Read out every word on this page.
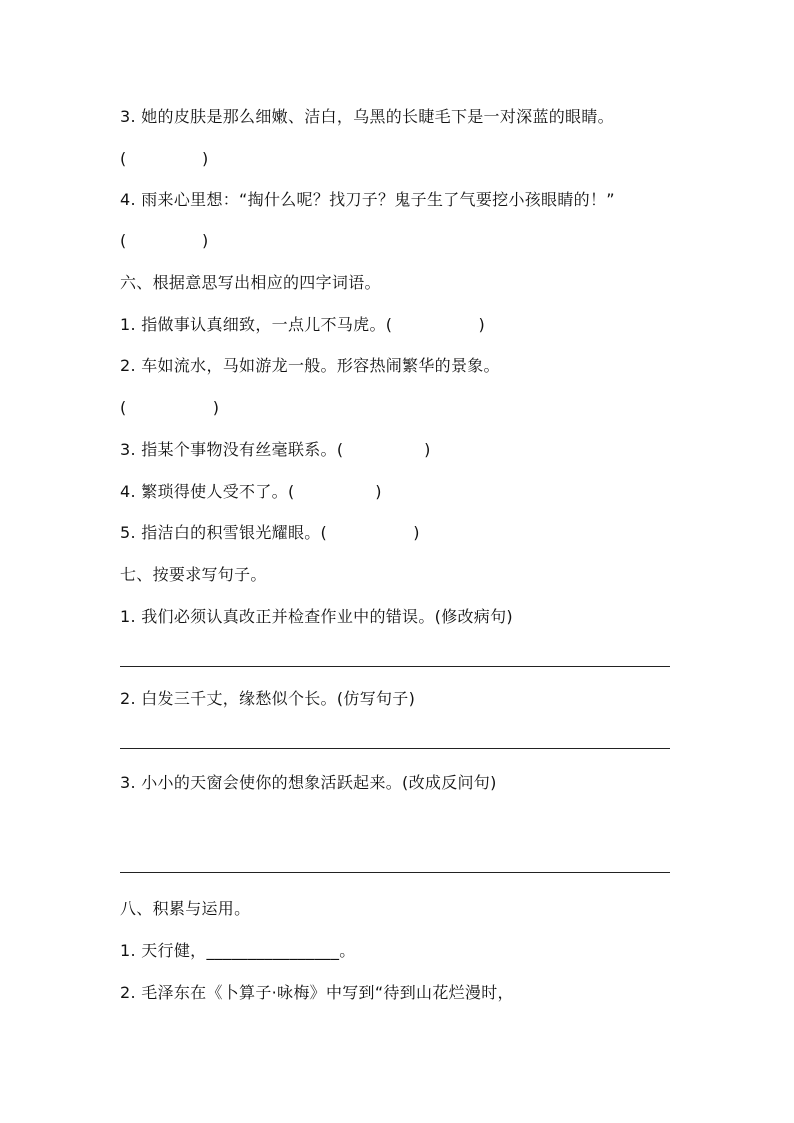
3. 她的皮肤是那么细嫩、洁白，乌黑的长睫毛下是一对深蓝的眼睛。
(              )
4. 雨来心里想：“掏什么呢？找刀子？鬼子生了气要挖小孩眼睛的！”
(              )
六、根据意思写出相应的四字词语。
1. 指做事认真细致，一点儿不马虎。(                )
2. 车如流水，马如游龙一般。形容热闹繁华的景象。
(                )
3. 指某个事物没有丝毫联系。(               )
4. 繁琐得使人受不了。(               )
5. 指洁白的积雪银光耀眼。(                )
七、按要求写句子。
1. 我们必须认真改正并检查作业中的错误。(修改病句)
2. 白发三千丈，缘愁似个长。(仿写句子)
3. 小小的天窗会使你的想象活跃起来。(改成反问句)
八、积累与运用。
1. 天行健，________________。
2. 毛泽东在《卜算子·咏梅》中写到“待到山花烂漫时，
